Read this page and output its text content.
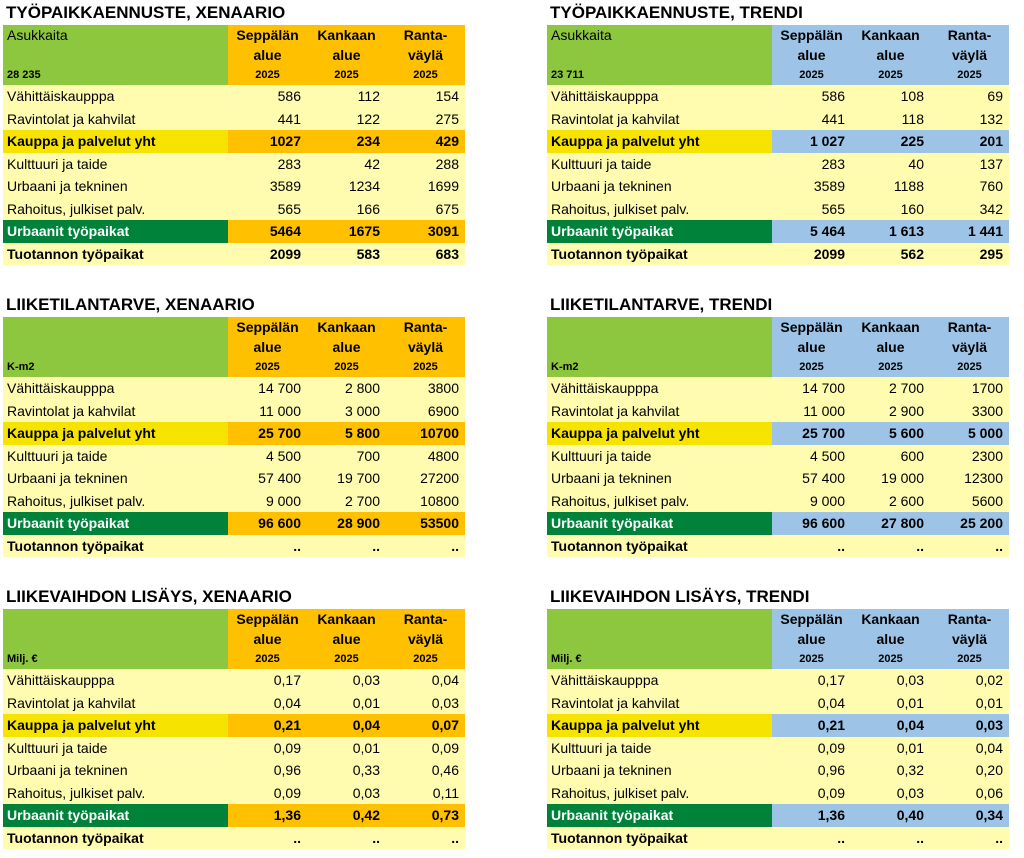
TYÖPAIKKAENNUSTE, XENAARIO
Asukkaita	Seppälän	Kankaan	Ranta-
	alue	alue	väylä
28 235	2025	2025	2025
Vähittäiskaupppa	586	112	154
Ravintolat ja kahvilat	441	122	275
Kauppa ja palvelut yht	1027	234	429
Kulttuuri ja taide	283	42	288
Urbaani ja tekninen	3589	1234	1699
Rahoitus, julkiset palv.	565	166	675
Urbaanit työpaikat	5464	1675	3091
Tuotannon työpaikat	2099	583	683
TYÖPAIKKAENNUSTE, TRENDI
Asukkaita	Seppälän	Kankaan	Ranta-
	alue	alue	väylä
23 711	2025	2025	2025
Vähittäiskaupppa	586	108	69
Ravintolat ja kahvilat	441	118	132
Kauppa ja palvelut yht	1 027	225	201
Kulttuuri ja taide	283	40	137
Urbaani ja tekninen	3589	1188	760
Rahoitus, julkiset palv.	565	160	342
Urbaanit työpaikat	5 464	1 613	1 441
Tuotannon työpaikat	2099	562	295
LIIKETILANTARVE, XENAARIO
	Seppälän	Kankaan	Ranta-
	alue	alue	väylä
K-m2	2025	2025	2025
Vähittäiskaupppa	14 700	2 800	3800
Ravintolat ja kahvilat	11 000	3 000	6900
Kauppa ja palvelut yht	25 700	5 800	10700
Kulttuuri ja taide	4 500	700	4800
Urbaani ja tekninen	57 400	19 700	27200
Rahoitus, julkiset palv.	9 000	2 700	10800
Urbaanit työpaikat	96 600	28 900	53500
Tuotannon työpaikat	..	..	..
LIIKETILANTARVE, TRENDI
	Seppälän	Kankaan	Ranta-
	alue	alue	väylä
K-m2	2025	2025	2025
Vähittäiskaupppa	14 700	2 700	1700
Ravintolat ja kahvilat	11 000	2 900	3300
Kauppa ja palvelut yht	25 700	5 600	5 000
Kulttuuri ja taide	4 500	600	2300
Urbaani ja tekninen	57 400	19 000	12300
Rahoitus, julkiset palv.	9 000	2 600	5600
Urbaanit työpaikat	96 600	27 800	25 200
Tuotannon työpaikat	..	..	..
LIIKEVAIHDON LISÄYS, XENAARIO
	Seppälän	Kankaan	Ranta-
	alue	alue	väylä
Milj. €	2025	2025	2025
Vähittäiskaupppa	0,17	0,03	0,04
Ravintolat ja kahvilat	0,04	0,01	0,03
Kauppa ja palvelut yht	0,21	0,04	0,07
Kulttuuri ja taide	0,09	0,01	0,09
Urbaani ja tekninen	0,96	0,33	0,46
Rahoitus, julkiset palv.	0,09	0,03	0,11
Urbaanit työpaikat	1,36	0,42	0,73
Tuotannon työpaikat	..	..	..
LIIKEVAIHDON LISÄYS, TRENDI
	Seppälän	Kankaan	Ranta-
	alue	alue	väylä
Milj. €	2025	2025	2025
Vähittäiskaupppa	0,17	0,03	0,02
Ravintolat ja kahvilat	0,04	0,01	0,01
Kauppa ja palvelut yht	0,21	0,04	0,03
Kulttuuri ja taide	0,09	0,01	0,04
Urbaani ja tekninen	0,96	0,32	0,20
Rahoitus, julkiset palv.	0,09	0,03	0,06
Urbaanit työpaikat	1,36	0,40	0,34
Tuotannon työpaikat	..	..	..
